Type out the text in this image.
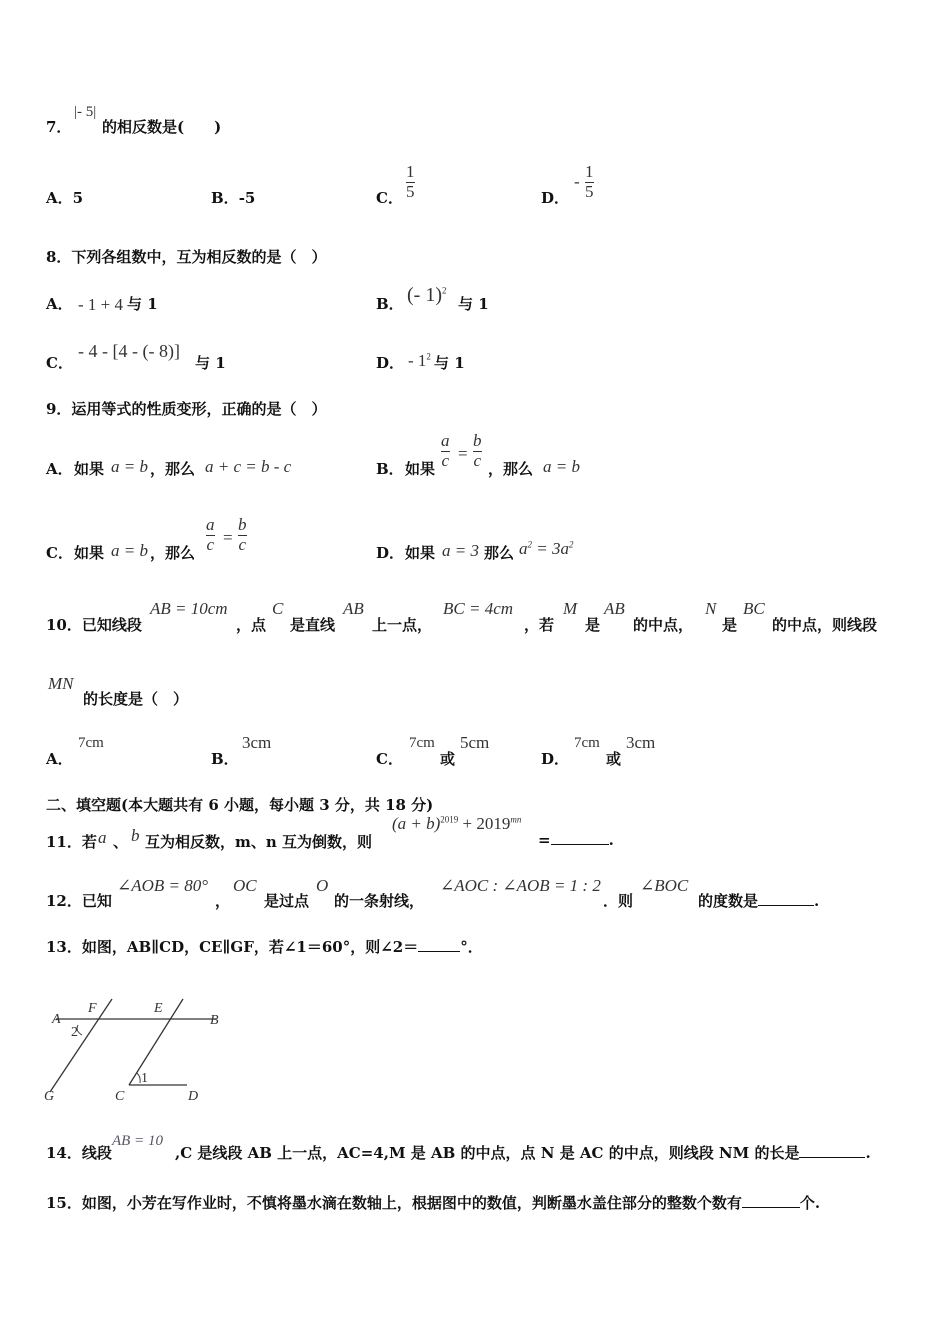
7．
|- 5|
的相反数是(　　)
A．5	B．-5	C．
1
5	D．
-
1
5
8．下列各组数中，互为相反数的是（　）
A． - 1 + 4 与 1	B． (- 1)$^2$
与 1
C．
- 4 - [4 - (- 8)]
与 1	D． - $1^2$ 与 1
9．运用等式的性质变形，正确的是（　）
A． 如果 a = b ，那么 a + c = b - c	B． 如果
a
c =
b
c ，那么 a = b
C． 如果 a = b ，那么
a
c =
b
c	D． 如果 a = 3 那么 $a^2 = 3a^2$
10．已知线段
AB = 10cm
，点
C
是直线
AB
上一点，
BC = 4cm
，若
M
是
AB
的中点，
N
是
BC
的中点，则线段
MN
的长度是（　）
A．
7cm
B．
3cm
C．
7cm
或
5cm
D．
7cm
或
3cm
二、填空题(本大题共有 6 小题，每小题 3 分，共 18 分)
11．若 a 、 b 互为相反数，m、n 互为倒数，则
$(a + b)^{2019} + 2019^{mn}$
=	.
12．已知
∠AOB = 80°
，
OC
是过点
O
的一条射线，
∠AOC : ∠AOB = 1 : 2
．则
∠BOC
的度数是	.
13．如图，AB∥CD，CE∥GF，若∠1＝60°，则∠2＝	°．
A
F	E
B
2
1
G	C	D
14．线段
AB = 10
,C 是线段 AB 上一点，AC=4,M 是 AB 的中点，点 N 是 AC 的中点，则线段 NM 的长是	.
15．如图，小芳在写作业时，不慎将墨水滴在数轴上，根据图中的数值，判断墨水盖住部分的整数个数有	个.
